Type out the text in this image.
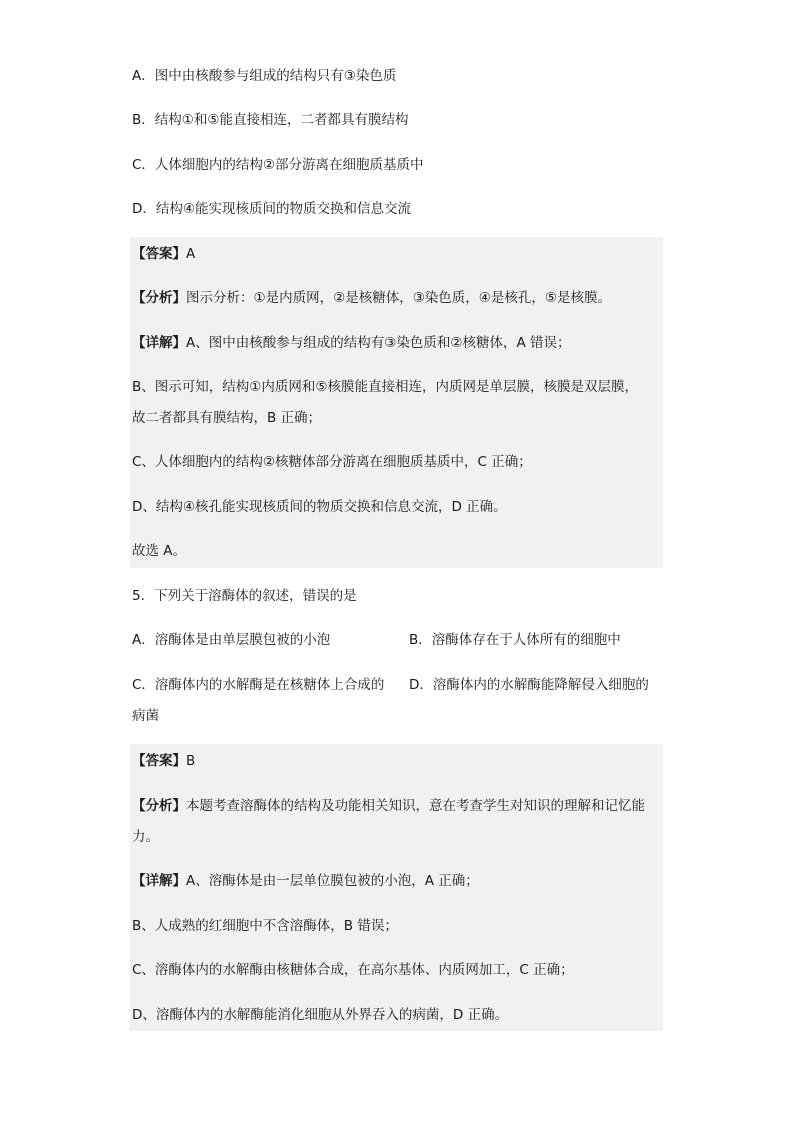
A．图中由核酸参与组成的结构只有③染色质
B．结构①和⑤能直接相连，二者都具有膜结构
C．人体细胞内的结构②部分游离在细胞质基质中
D．结构④能实现核质间的物质交换和信息交流
【答案】A
【分析】图示分析：①是内质网，②是核糖体，③染色质，④是核孔，⑤是核膜。
【详解】A、图中由核酸参与组成的结构有③染色质和②核糖体，A 错误；
B、图示可知，结构①内质网和⑤核膜能直接相连，内质网是单层膜，核膜是双层膜，
故二者都具有膜结构，B 正确；
C、人体细胞内的结构②核糖体部分游离在细胞质基质中，C 正确；
D、结构④核孔能实现核质间的物质交换和信息交流，D 正确。
故选 A。
5．下列关于溶酶体的叙述，错误的是
A．溶酶体是由单层膜包被的小泡	B．溶酶体存在于人体所有的细胞中
C．溶酶体内的水解酶是在核糖体上合成的 D．溶酶体内的水解酶能降解侵入细胞的
病菌
【答案】B
【分析】本题考查溶酶体的结构及功能相关知识，意在考查学生对知识的理解和记忆能
力。
【详解】A、溶酶体是由一层单位膜包被的小泡，A 正确；
B、人成熟的红细胞中不含溶酶体，B 错误；
C、溶酶体内的水解酶由核糖体合成，在高尔基体、内质网加工，C 正确；
D、溶酶体内的水解酶能消化细胞从外界吞入的病菌，D 正确。
